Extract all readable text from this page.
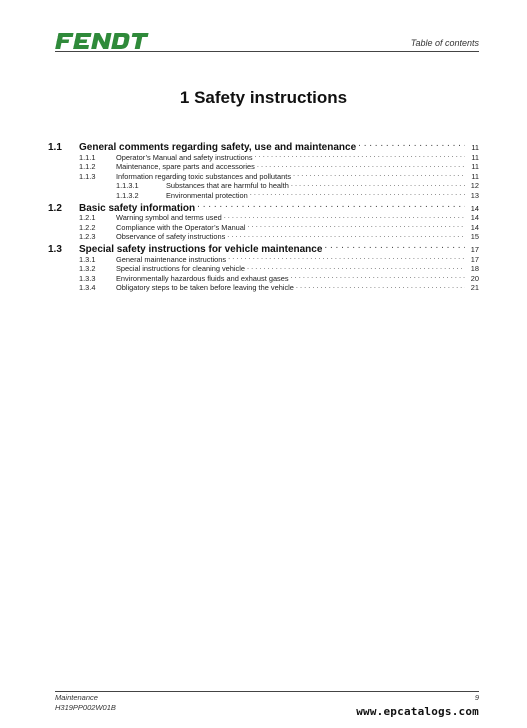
Table of contents
1 Safety instructions
1.1	General comments regarding safety, use and maintenance . . .	11
1.1.1	Operator’s Manual and safety instructions . . .	11
1.1.2	Maintenance, spare parts and accessories . . .	11
1.1.3	Information regarding toxic substances and pollutants . . .	11
1.1.3.1	Substances that are harmful to health . . .	12
1.1.3.2	Environmental protection . . .	13
1.2	Basic safety information . . .	14
1.2.1	Warning symbol and terms used . . .	14
1.2.2	Compliance with the Operator’s Manual . . .	14
1.2.3	Observance of safety instructions . . .	15
1.3	Special safety instructions for vehicle maintenance . . .	17
1.3.1	General maintenance instructions . . .	17
1.3.2	Special instructions for cleaning vehicle . . .	18
1.3.3	Environmentally hazardous fluids and exhaust gases . . .	20
1.3.4	Obligatory steps to be taken before leaving the vehicle . . .	21
Maintenance
H319PP002W01B
9
www.epcatalogs.com
